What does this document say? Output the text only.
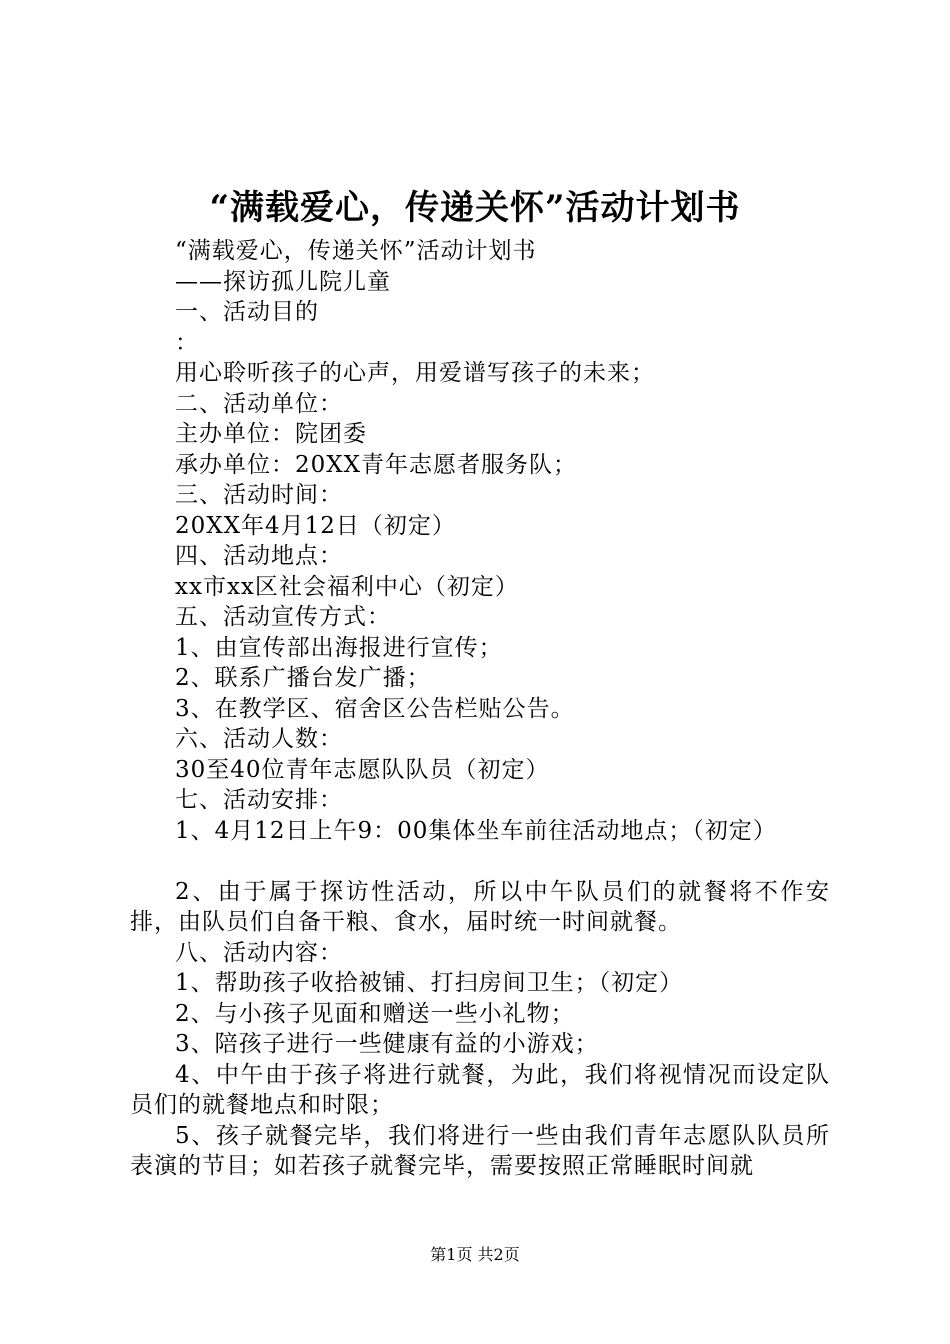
“满载爱心，传递关怀”活动计划书
“满载爱心，传递关怀”活动计划书
——探访孤儿院儿童
一、活动目的
：
用心聆听孩子的心声，用爱谱写孩子的未来；
二、活动单位：
主办单位：院团委
承办单位：20XX青年志愿者服务队；
三、活动时间：
20XX年4月12日（初定）
四、活动地点：
xx市xx区社会福利中心（初定）
五、活动宣传方式：
1、由宣传部出海报进行宣传；
2、联系广播台发广播；
3、在教学区、宿舍区公告栏贴公告。
六、活动人数：
30至40位青年志愿队队员（初定）
七、活动安排：
1、4月12日上午9：00集体坐车前往活动地点；（初定）

2、由于属于探访性活动，所以中午队员们的就餐将不作安排，由队员们自备干粮、食水，届时统一时间就餐。

八、活动内容：
1、帮助孩子收拾被铺、打扫房间卫生；（初定）
2、与小孩子见面和赠送一些小礼物；
3、陪孩子进行一些健康有益的小游戏；

4、中午由于孩子将进行就餐，为此，我们将视情况而设定队员们的就餐地点和时限；

5、孩子就餐完毕，我们将进行一些由我们青年志愿队队员所表演的节目；如若孩子就餐完毕，需要按照正常睡眠时间就

第1页 共2页
